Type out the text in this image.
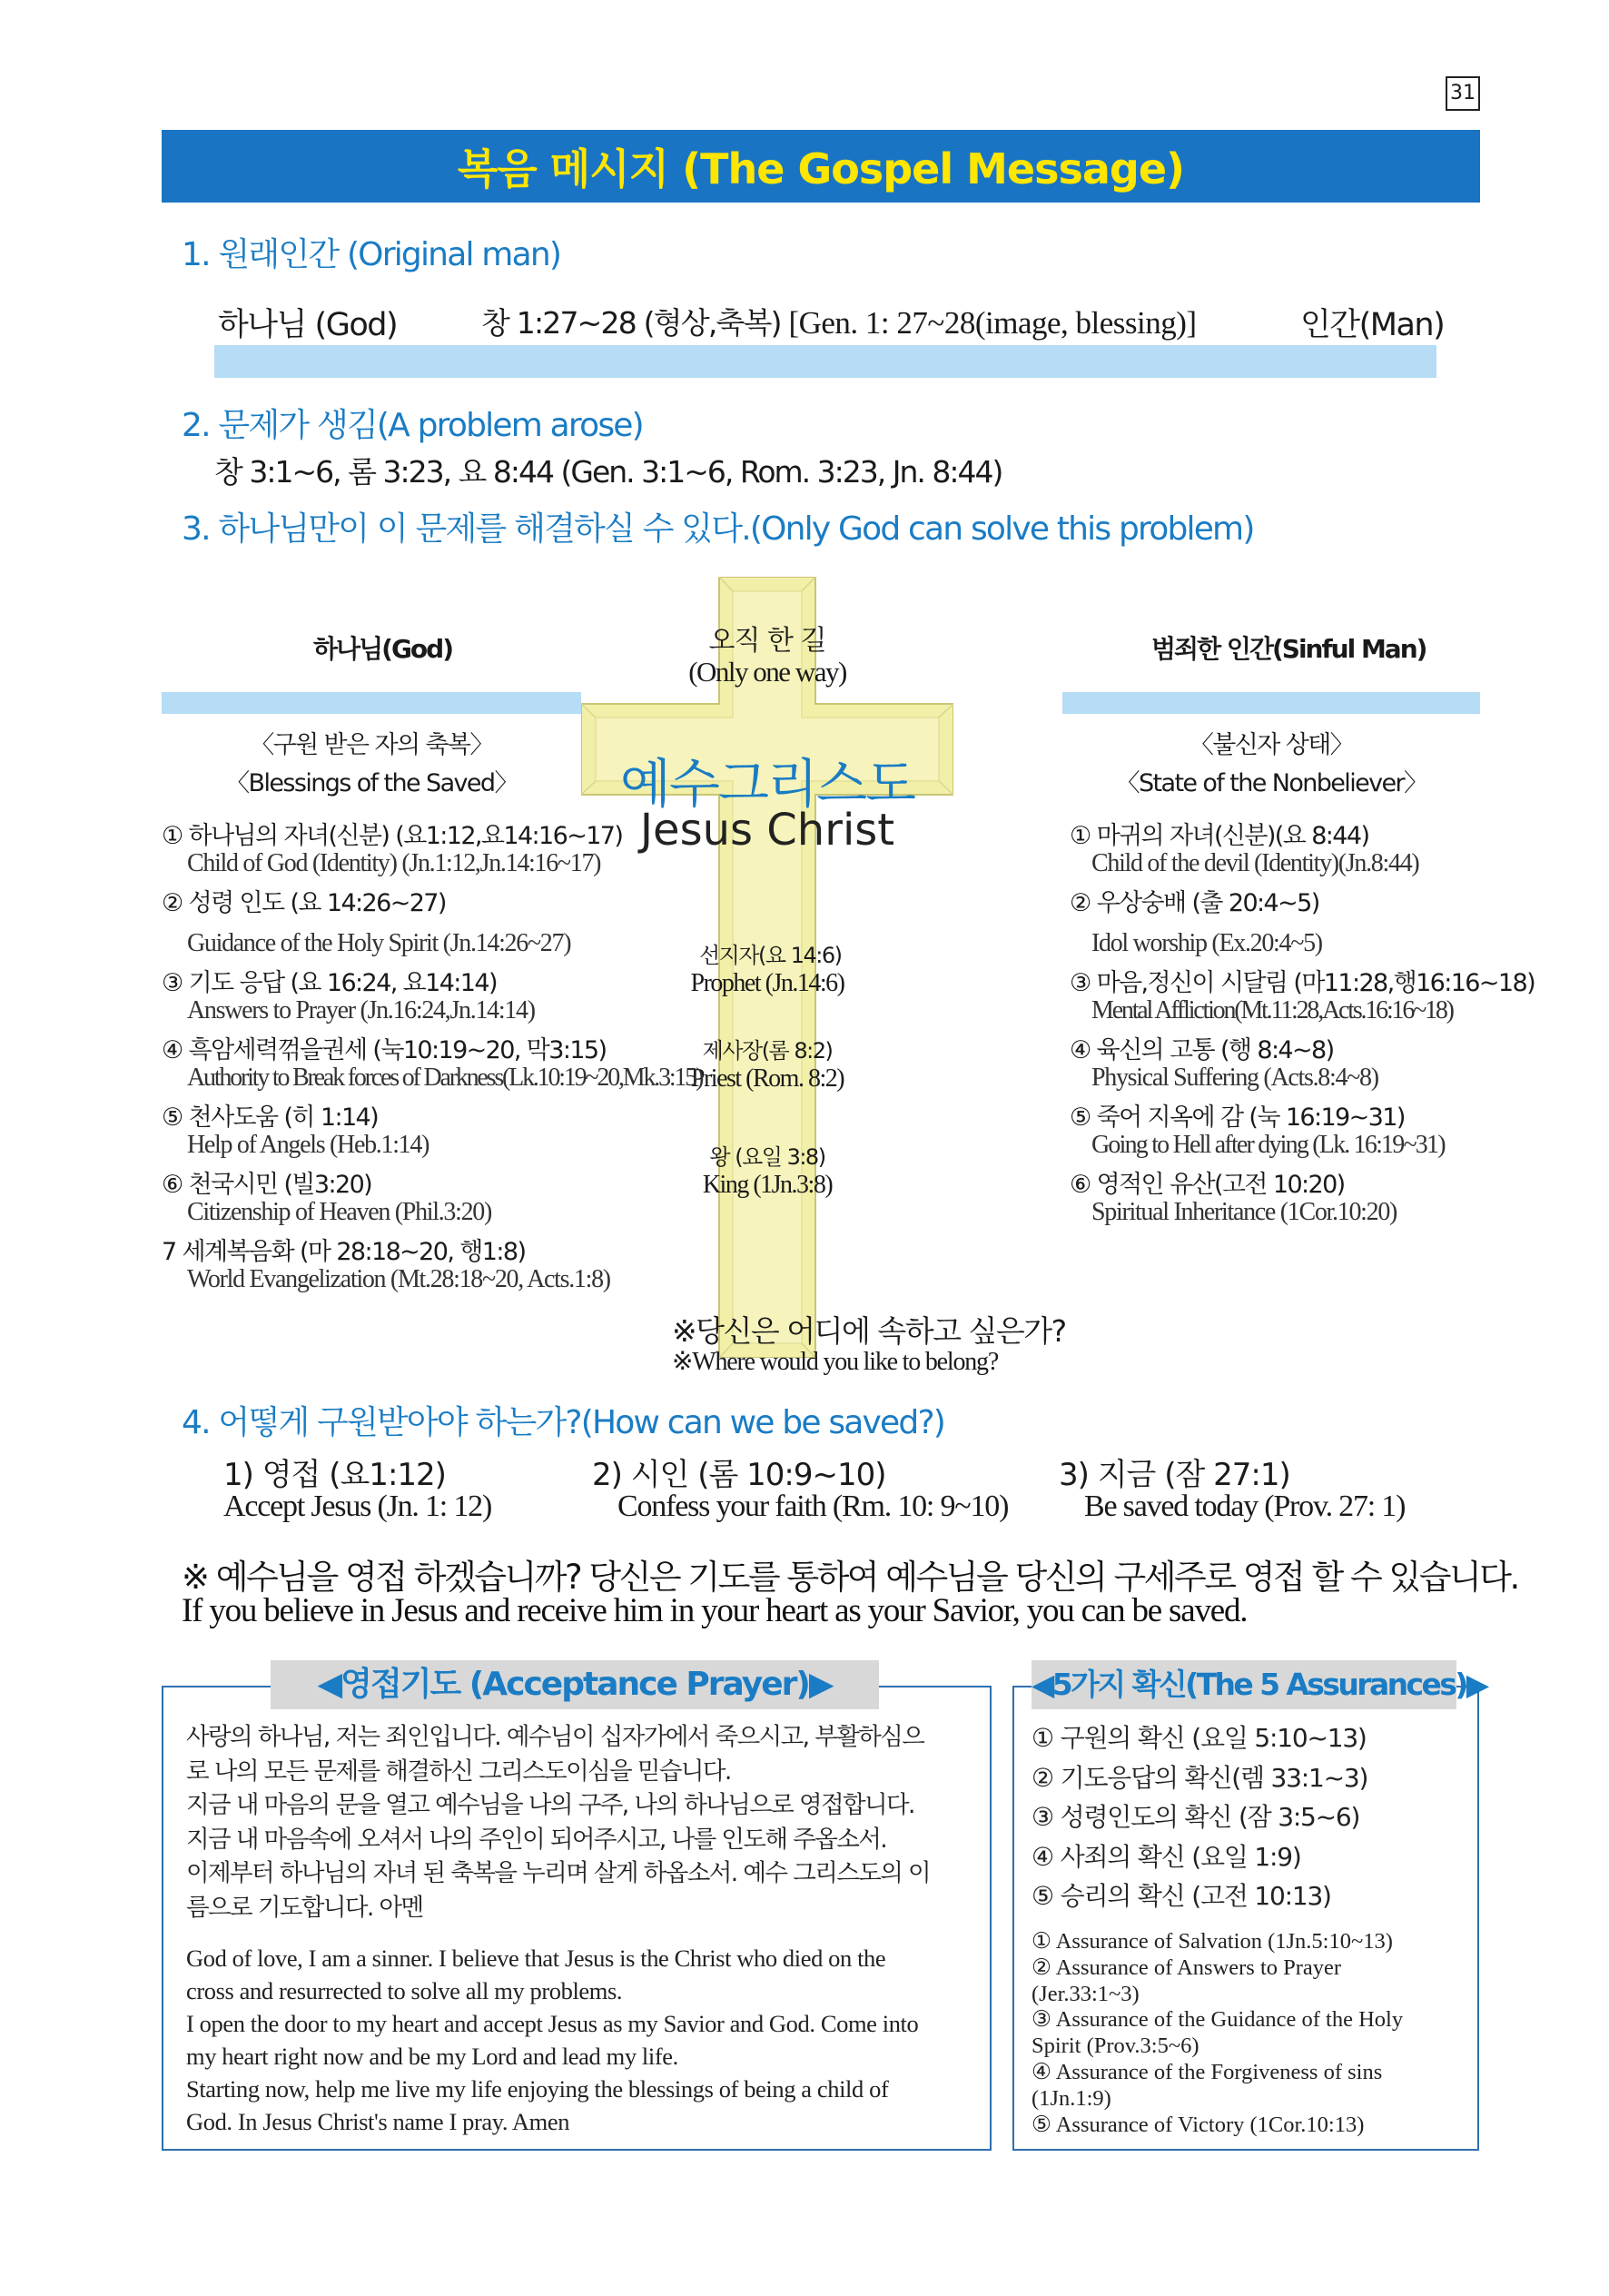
31
복음 메시지 (The Gospel Message)
1. 원래인간 (Original man)
하나님 (God)	창 1:27~28 (형상,축복) [Gen. 1: 27~28(image, blessing)]	인간(Man)
2. 문제가 생김(A problem arose)
창 3:1~6, 롬 3:23, 요 8:44 (Gen. 3:1~6, Rom. 3:23, Jn. 8:44)
3. 하나님만이 이 문제를 해결하실 수 있다.(Only God can solve this problem)
하나님(God)	범죄한 인간(Sinful Man)
오직 한 길
(Only one way)
예수그리스도
Jesus Christ
선지자(요 14:6)
Prophet (Jn.14:6)
제사장(롬 8:2)
Priest (Rom. 8:2)
왕 (요일 3:8)
King (1Jn.3:8)
〈구원 받은 자의 축복〉
〈Blessings of the Saved〉
① 하나님의 자녀(신분) (요1:12,요14:16~17)
Child of God (Identity) (Jn.1:12,Jn.14:16~17)
② 성령 인도 (요 14:26~27)
Guidance of the Holy Spirit (Jn.14:26~27)
③ 기도 응답 (요 16:24, 요14:14)
Answers to Prayer (Jn.16:24,Jn.14:14)
④ 흑암세력꺾을권세 (눅10:19~20, 막3:15)
Authority to Break forces of Darkness(Lk.10:19~20,Mk.3:15)
⑤ 천사도움 (히 1:14)
Help of Angels (Heb.1:14)
⑥ 천국시민 (빌3:20)
Citizenship of Heaven (Phil.3:20)
7 세계복음화 (마 28:18~20, 행1:8)
World Evangelization (Mt.28:18~20, Acts.1:8)
〈불신자 상태〉
〈State of the Nonbeliever〉
① 마귀의 자녀(신분)(요 8:44)
Child of the devil (Identity)(Jn.8:44)
② 우상숭배 (출 20:4~5)
Idol worship (Ex.20:4~5)
③ 마음,정신이 시달림 (마11:28,행16:16~18)
Mental Affliction(Mt.11:28,Acts.16:16~18)
④ 육신의 고통 (행 8:4~8)
Physical Suffering (Acts.8:4~8)
⑤ 죽어 지옥에 감 (눅 16:19~31)
Going to Hell after dying (Lk. 16:19~31)
⑥ 영적인 유산(고전 10:20)
Spiritual Inheritance (1Cor.10:20)
※당신은 어디에 속하고 싶은가?
※Where would you like to belong?
4. 어떻게 구원받아야 하는가?(How can we be saved?)
1) 영접 (요1:12)
Accept Jesus (Jn. 1: 12)
2) 시인 (롬 10:9~10)
Confess your faith (Rm. 10: 9~10)
3) 지금 (잠 27:1)
Be saved today (Prov. 27: 1)
※ 예수님을 영접 하겠습니까? 당신은 기도를 통하여 예수님을 당신의 구세주로 영접 할 수 있습니다.
If you believe in Jesus and receive him in your heart as your Savior, you can be saved.
◀영접기도 (Acceptance Prayer)▶
사랑의 하나님, 저는 죄인입니다. 예수님이 십자가에서 죽으시고, 부활하심으
로 나의 모든 문제를 해결하신 그리스도이심을 믿습니다.
지금 내 마음의 문을 열고 예수님을 나의 구주, 나의 하나님으로 영접합니다.
지금 내 마음속에 오셔서 나의 주인이 되어주시고, 나를 인도해 주옵소서.
이제부터 하나님의 자녀 된 축복을 누리며 살게 하옵소서. 예수 그리스도의 이
름으로 기도합니다. 아멘
God of love, I am a sinner. I believe that Jesus is the Christ who died on the
cross and resurrected to solve all my problems.
I open the door to my heart and accept Jesus as my Savior and God. Come into
my heart right now and be my Lord and lead my life.
Starting now, help me live my life enjoying the blessings of being a child of
God. In Jesus Christ's name I pray. Amen
◀5가지 확신(The 5 Assurances)▶
① 구원의 확신 (요일 5:10~13)
② 기도응답의 확신(렘 33:1~3)
③ 성령인도의 확신 (잠 3:5~6)
④ 사죄의 확신 (요일 1:9)
⑤ 승리의 확신 (고전 10:13)
① Assurance of Salvation (1Jn.5:10~13)
② Assurance of Answers to Prayer
(Jer.33:1~3)
③ Assurance of the Guidance of the Holy
Spirit (Prov.3:5~6)
④ Assurance of the Forgiveness of sins
(1Jn.1:9)
⑤ Assurance of Victory (1Cor.10:13)
